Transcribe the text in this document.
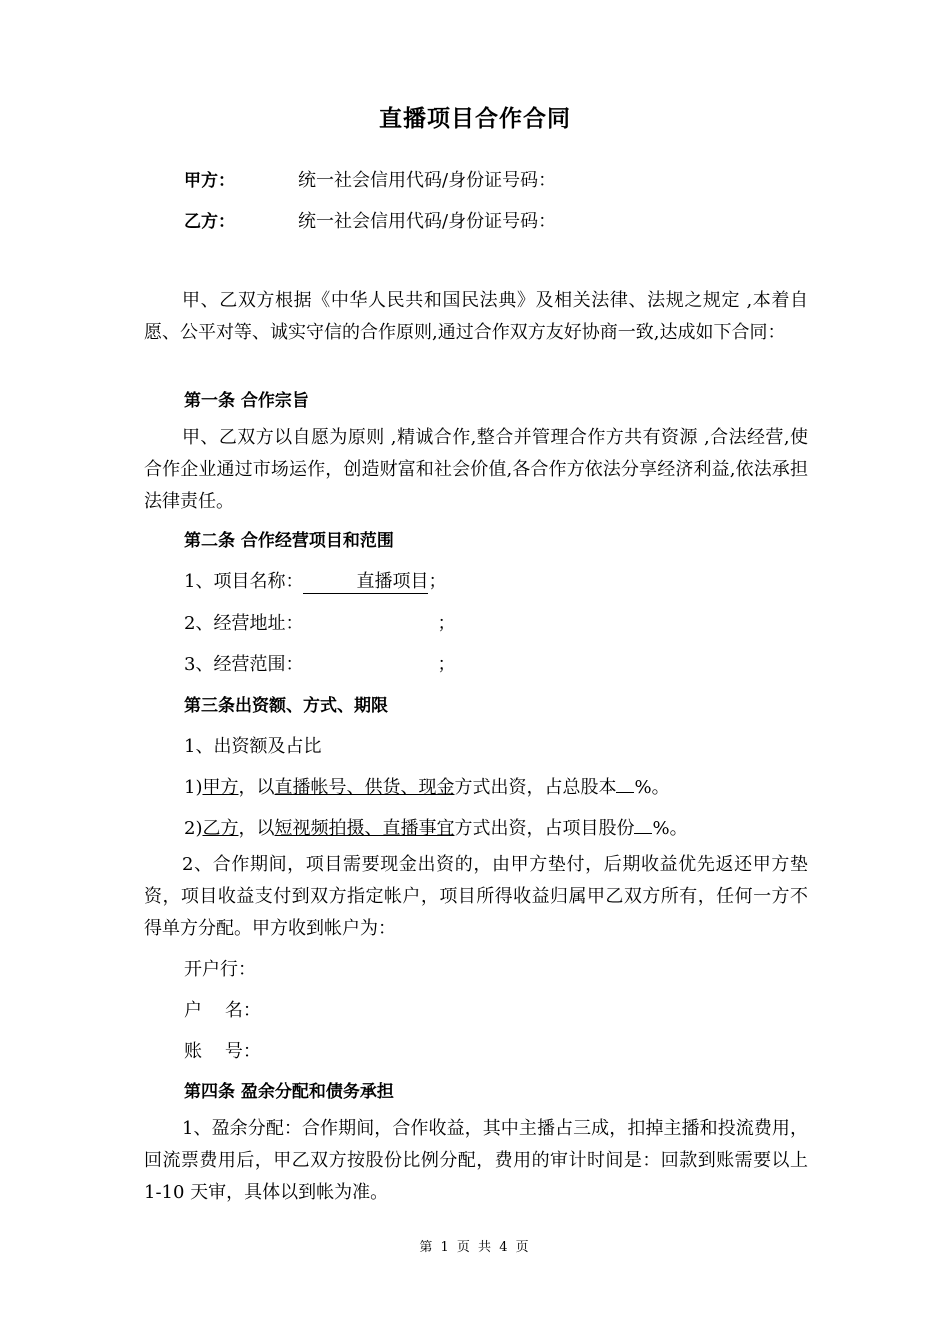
直播项目合作合同
甲方：	统一社会信用代码/身份证号码：
乙方：	统一社会信用代码/身份证号码：
甲、乙双方根据《中华人民共和国民法典》及相关法律、法规之规定 ,本着自愿、公平对等、诚实守信的合作原则,通过合作双方友好协商一致,达成如下合同：
第一条 合作宗旨
甲、乙双方以自愿为原则 ,精诚合作,整合并管理合作方共有资源 ,合法经营,使合作企业通过市场运作，创造财富和社会价值,各合作方依法分享经济利益,依法承担法律责任。
第二条 合作经营项目和范围
1、项目名称：	直播项目；
2、经营地址：	；
3、经营范围：	；
第三条出资额、方式、期限
1、出资额及占比
1)甲方，以直播帐号、供货、现金方式出资，占总股本 %。
2)乙方，以短视频拍摄、直播事宜方式出资，占项目股份 %。
2、合作期间，项目需要现金出资的，由甲方垫付，后期收益优先返还甲方垫资，项目收益支付到双方指定帐户，项目所得收益归属甲乙双方所有，任何一方不得单方分配。甲方收到帐户为：
开户行：
户    名：
账    号：
第四条 盈余分配和债务承担
1、盈余分配：合作期间，合作收益，其中主播占三成，扣掉主播和投流费用，回流票费用后，甲乙双方按股份比例分配，费用的审计时间是：回款到账需要以上 1-10 天审，具体以到帐为准。
第 1 页 共 4 页
